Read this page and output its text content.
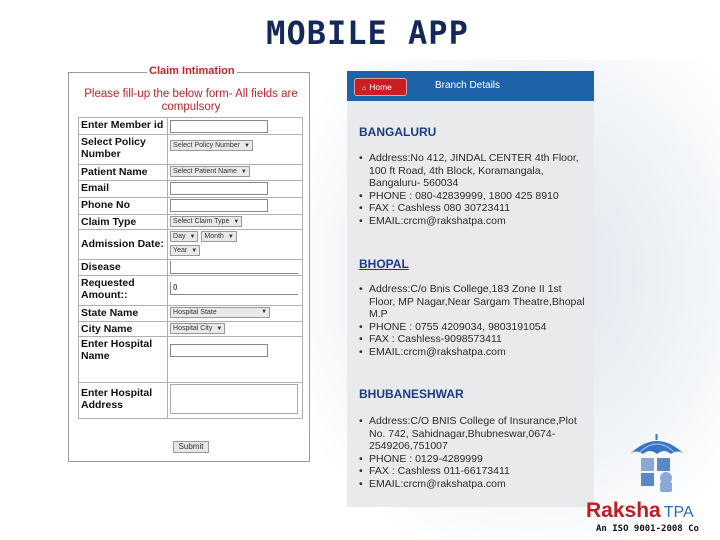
MOBILE APP
Claim Intimation
Please fill-up the below form- All fields are compulsory
Enter Member id	

Select Policy Number	Select Policy Number ▼
Patient Name	Select Patient Name ▼
Email	

Phone No	

Claim Type	Select Claim Type ▼
Admission Date:	Day ▼ Month ▼
Year ▼
Disease	

Requested Amount::	0

State Name	Hospital State ▼

City Name	Hospital City ▼
Enter Hospital Name	

Enter Hospital Address	
Submit
⌂ Home	Branch Details
BANGALURU
• Address:No 412, JINDAL CENTER 4th Floor, 100 ft Road, 4th Block, Koramangala, Bangaluru- 560034
• PHONE : 080-42839999, 1800 425 8910
• FAX : Cashless 080 30723411
• EMAIL:crcm@rakshatpa.com
BHOPAL
• Address:C/o Bnis College,183 Zone II 1st Floor, MP Nagar,Near Sargam Theatre,Bhopal M.P
• PHONE : 0755 4209034, 9803191054
• FAX : Cashless-9098573411
• EMAIL:crcm@rakshatpa.com
BHUBANESHWAR
• Address:C/O BNIS College of Insurance,Plot No. 742, Sahidnagar,Bhubneswar,0674-2549206,751007
• PHONE : 0129-4289999
• FAX : Cashless 011-66173411
• EMAIL:crcm@rakshatpa.com
Raksha TPA
An ISO 9001-2008 Co
